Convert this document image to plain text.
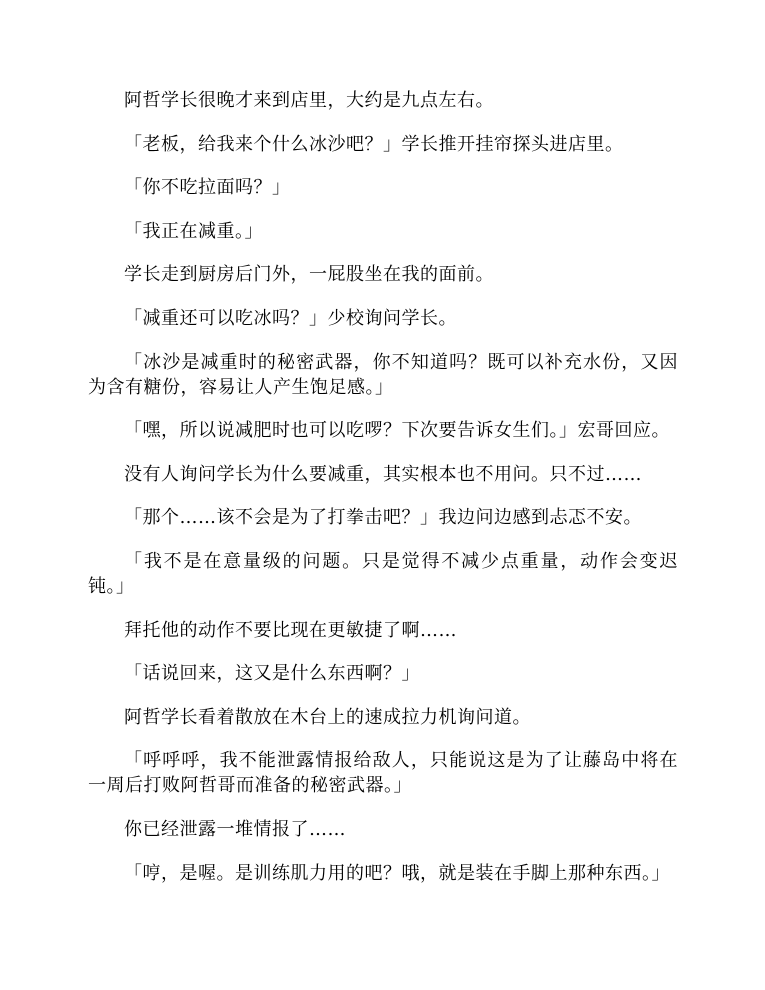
阿哲学长很晚才来到店里，大约是九点左右。

「老板，给我来个什么冰沙吧？」学长推开挂帘探头进店里。

「你不吃拉面吗？」

「我正在减重。」

学长走到厨房后门外，一屁股坐在我的面前。

「减重还可以吃冰吗？」少校询问学长。

「冰沙是减重时的秘密武器，你不知道吗？既可以补充水份，又因为含有糖份，容易让人产生饱足感。」

「嘿，所以说减肥时也可以吃啰？下次要告诉女生们。」宏哥回应。

没有人询问学长为什么要减重，其实根本也不用问。只不过……

「那个……该不会是为了打拳击吧？」我边问边感到忐忑不安。

「我不是在意量级的问题。只是觉得不减少点重量，动作会变迟钝。」

拜托他的动作不要比现在更敏捷了啊……

「话说回来，这又是什么东西啊？」

阿哲学长看着散放在木台上的速成拉力机询问道。

「呼呼呼，我不能泄露情报给敌人，只能说这是为了让藤岛中将在一周后打败阿哲哥而准备的秘密武器。」

你已经泄露一堆情报了……

「哼，是喔。是训练肌力用的吧？哦，就是装在手脚上那种东西。」
